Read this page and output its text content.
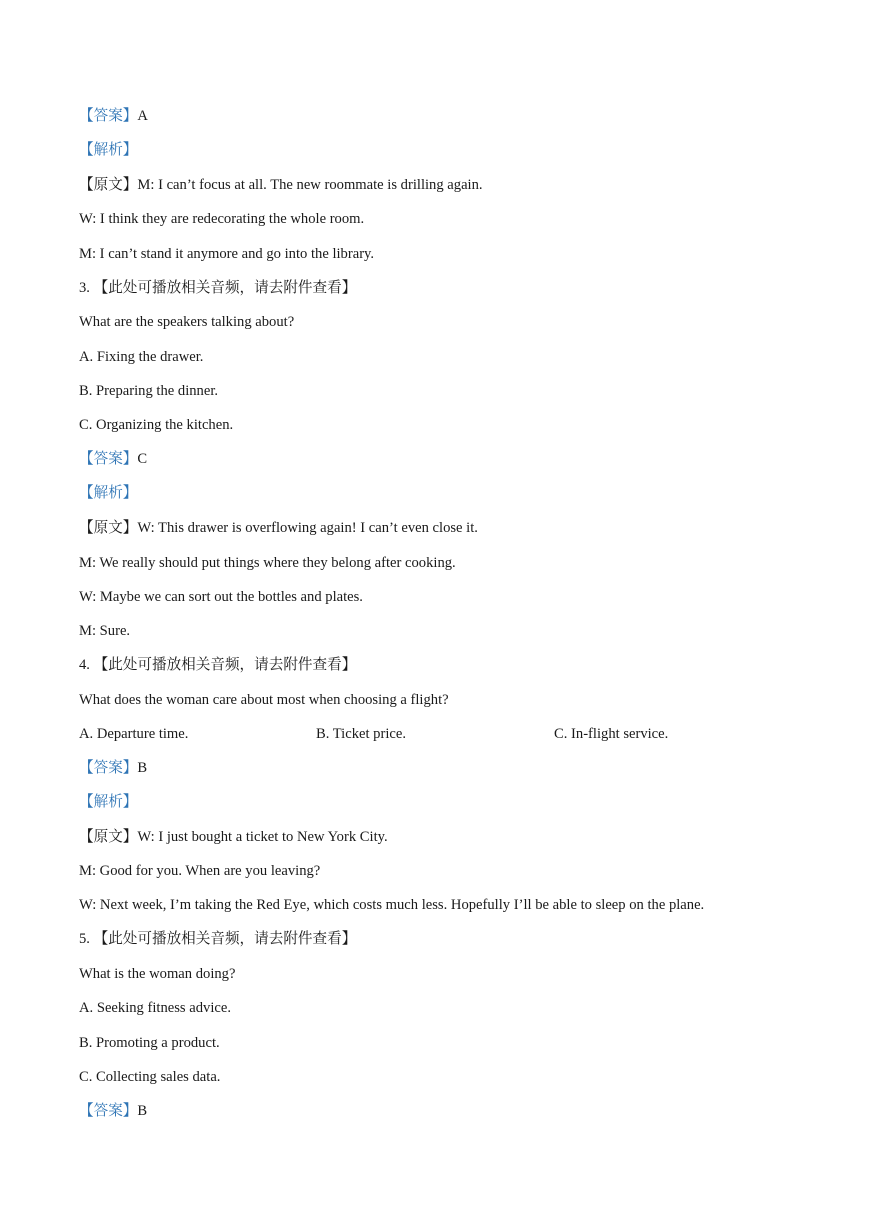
【答案】A
【解析】
【原文】M: I can’t focus at all. The new roommate is drilling again.
W: I think they are redecorating the whole room.
M: I can’t stand it anymore and go into the library.
3. 【此处可播放相关音频，请去附件查看】
What are the speakers talking about?
A. Fixing the drawer.
B. Preparing the dinner.
C. Organizing the kitchen.
【答案】C
【解析】
【原文】W: This drawer is overflowing again! I can’t even close it.
M: We really should put things where they belong after cooking.
W: Maybe we can sort out the bottles and plates.
M: Sure.
4. 【此处可播放相关音频，请去附件查看】
What does the woman care about most when choosing a flight?
A. Departure time.	B. Ticket price.	C. In-flight service.
【答案】B
【解析】
【原文】W: I just bought a ticket to New York City.
M: Good for you. When are you leaving?
W: Next week, I’m taking the Red Eye, which costs much less. Hopefully I’ll be able to sleep on the plane.
5. 【此处可播放相关音频，请去附件查看】
What is the woman doing?
A. Seeking fitness advice.
B. Promoting a product.
C. Collecting sales data.
【答案】B
